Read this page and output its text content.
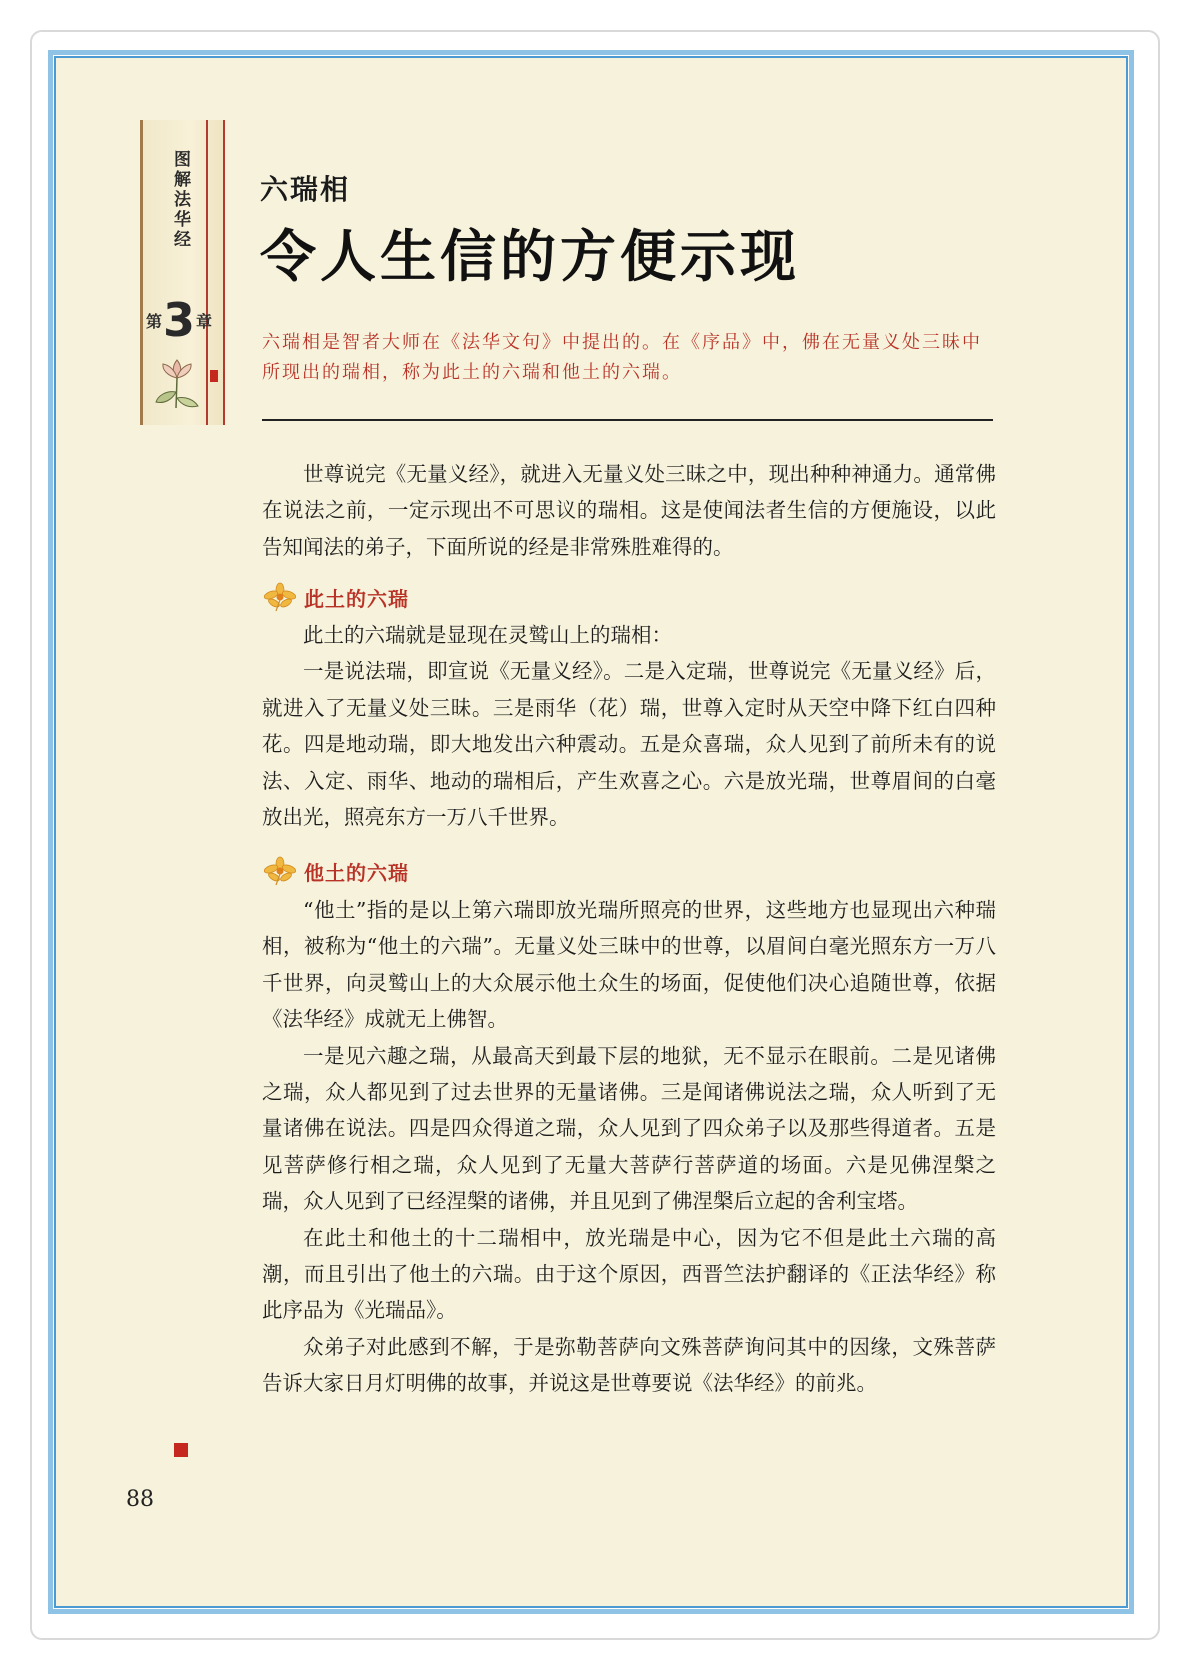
图解法华经
第 3 章
六瑞相
令人生信的方便示现
六瑞相是智者大师在《法华文句》中提出的。在《序品》中，佛在无量义处三昧中所现出的瑞相，称为此土的六瑞和他土的六瑞。

世尊说完《无量义经》，就进入无量义处三昧之中，现出种种神通力。通常佛在说法之前，一定示现出不可思议的瑞相。这是使闻法者生信的方便施设，以此告知闻法的弟子，下面所说的经是非常殊胜难得的。

此土的六瑞

此土的六瑞就是显现在灵鹫山上的瑞相：

一是说法瑞，即宣说《无量义经》。二是入定瑞，世尊说完《无量义经》后，就进入了无量义处三昧。三是雨华（花）瑞，世尊入定时从天空中降下红白四种花。四是地动瑞，即大地发出六种震动。五是众喜瑞，众人见到了前所未有的说法、入定、雨华、地动的瑞相后，产生欢喜之心。六是放光瑞，世尊眉间的白毫放出光，照亮东方一万八千世界。

他土的六瑞

“他土”指的是以上第六瑞即放光瑞所照亮的世界，这些地方也显现出六种瑞相，被称为“他土的六瑞”。无量义处三昧中的世尊，以眉间白毫光照东方一万八千世界，向灵鹫山上的大众展示他土众生的场面，促使他们决心追随世尊，依据《法华经》成就无上佛智。

一是见六趣之瑞，从最高天到最下层的地狱，无不显示在眼前。二是见诸佛之瑞，众人都见到了过去世界的无量诸佛。三是闻诸佛说法之瑞，众人听到了无量诸佛在说法。四是四众得道之瑞，众人见到了四众弟子以及那些得道者。五是见菩萨修行相之瑞，众人见到了无量大菩萨行菩萨道的场面。六是见佛涅槃之瑞，众人见到了已经涅槃的诸佛，并且见到了佛涅槃后立起的舍利宝塔。

在此土和他土的十二瑞相中，放光瑞是中心，因为它不但是此土六瑞的高潮，而且引出了他土的六瑞。由于这个原因，西晋竺法护翻译的《正法华经》称此序品为《光瑞品》。

众弟子对此感到不解，于是弥勒菩萨向文殊菩萨询问其中的因缘，文殊菩萨告诉大家日月灯明佛的故事，并说这是世尊要说《法华经》的前兆。

88
